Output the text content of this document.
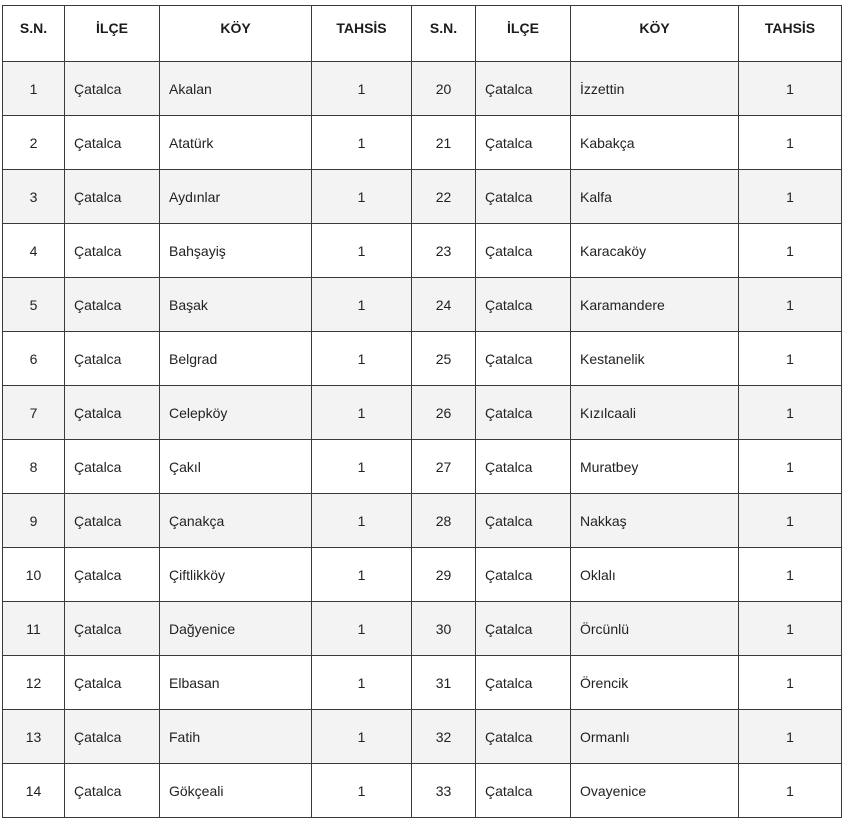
S.N.	İLÇE	KÖY	TAHSİS	S.N.	İLÇE	KÖY	TAHSİS
1	Çatalca	Akalan	1	20	Çatalca	İzzettin	1
2	Çatalca	Atatürk	1	21	Çatalca	Kabakça	1
3	Çatalca	Aydınlar	1	22	Çatalca	Kalfa	1
4	Çatalca	Bahşayiş	1	23	Çatalca	Karacaköy	1
5	Çatalca	Başak	1	24	Çatalca	Karamandere	1
6	Çatalca	Belgrad	1	25	Çatalca	Kestanelik	1
7	Çatalca	Celepköy	1	26	Çatalca	Kızılcaali	1
8	Çatalca	Çakıl	1	27	Çatalca	Muratbey	1
9	Çatalca	Çanakça	1	28	Çatalca	Nakkaş	1
10	Çatalca	Çiftlikköy	1	29	Çatalca	Oklalı	1
11	Çatalca	Dağyenice	1	30	Çatalca	Örcünlü	1
12	Çatalca	Elbasan	1	31	Çatalca	Örencik	1
13	Çatalca	Fatih	1	32	Çatalca	Ormanlı	1
14	Çatalca	Gökçeali	1	33	Çatalca	Ovayenice	1
